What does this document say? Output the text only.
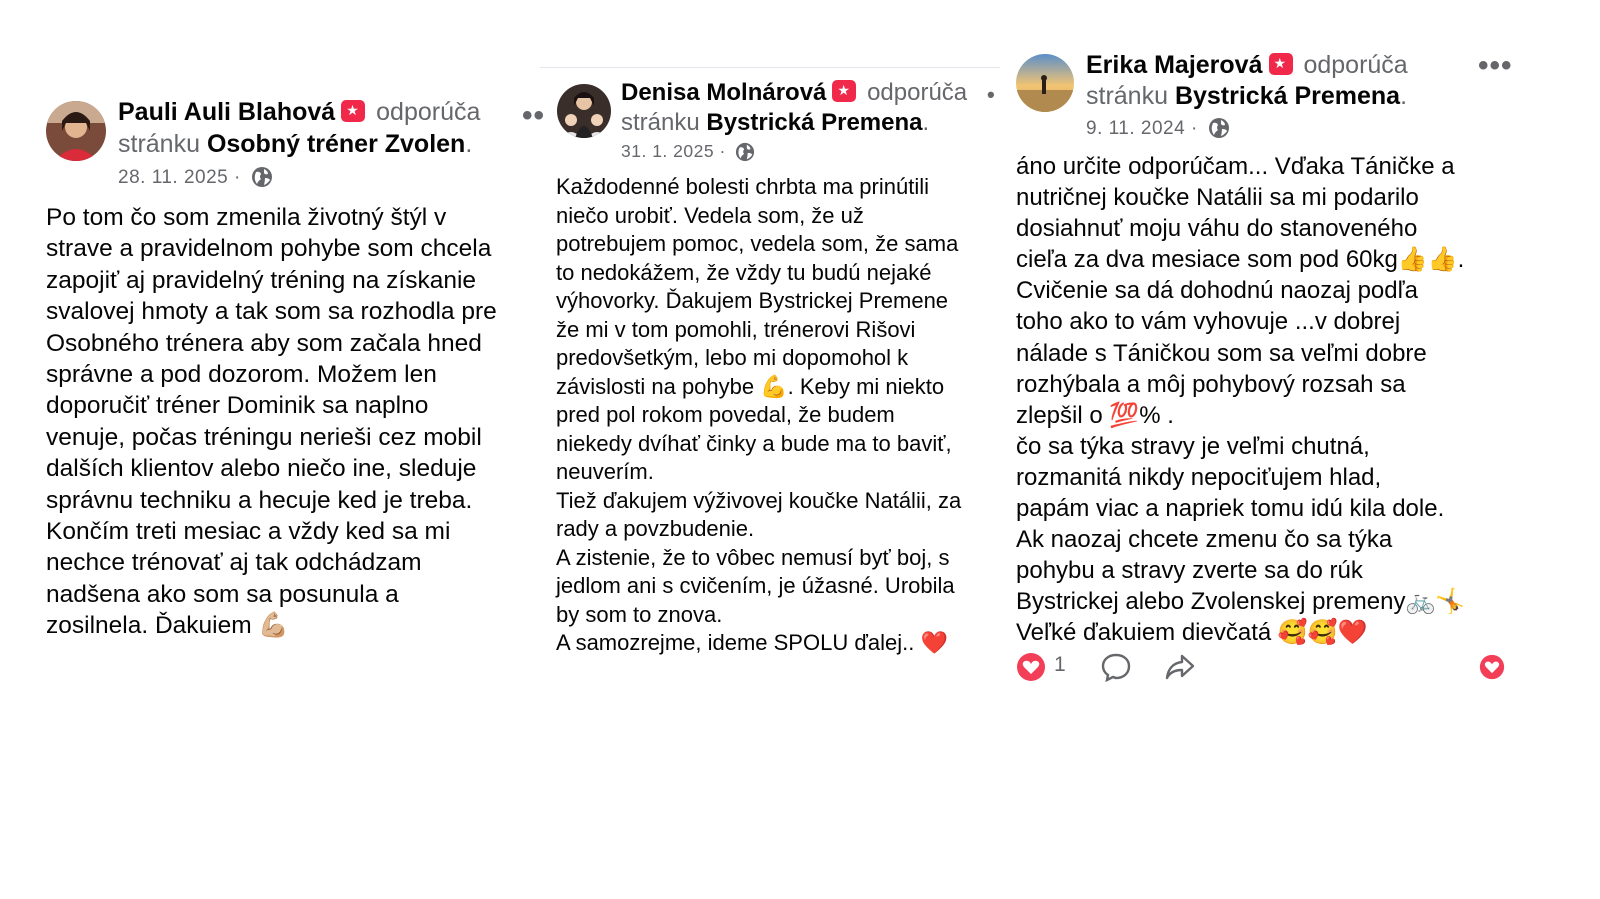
Pauli Auli Blahová ★ odporúča ••
stránku Osobný tréner Zvolen.
28. 11. 2025 ·
Po tom čo som zmenila životný štýl v
strave a pravidelnom pohybe som chcela
zapojiť aj pravidelný tréning na získanie
svalovej hmoty a tak som sa rozhodla pre
Osobného trénera aby som začala hned
správne a pod dozorom. Možem len
doporučiť tréner Dominik sa naplno
venuje, počas tréningu nerieši cez mobil
dalších klientov alebo niečo ine, sleduje
správnu techniku a hecuje ked je treba.
Končím treti mesiac a vždy ked sa mi
nechce trénovať aj tak odchádzam
nadšena ako som sa posunula a
zosilnela. Ďakuiem 💪🏼
Denisa Molnárová ★ odporúča •
stránku Bystrická Premena.
31. 1. 2025 ·
Každodenné bolesti chrbta ma prinútili
niečo urobiť. Vedela som, že už
potrebujem pomoc, vedela som, že sama
to nedokážem, že vždy tu budú nejaké
výhovorky. Ďakujem Bystrickej Premene
že mi v tom pomohli, trénerovi Rišovi
predovšetkým, lebo mi dopomohol k
závislosti na pohybe 💪. Keby mi niekto
pred pol rokom povedal, že budem
niekedy dvíhať činky a bude ma to baviť,
neuverím.
Tiež ďakujem výživovej koučke Natálii, za
rady a povzbudenie.
A zistenie, že to vôbec nemusí byť boj, s
jedlom ani s cvičením, je úžasné. Urobila
by som to znova.
A samozrejme, ideme SPOLU ďalej.. ❤️
Erika Majerová ★ odporúča •••
stránku Bystrická Premena.
9. 11. 2024 ·
áno určite odporúčam... Vďaka Táničke a
nutričnej koučke Natálii sa mi podarilo
dosiahnuť moju váhu do stanoveného
cieľa za dva mesiace som pod 60kg👍👍.
Cvičenie sa dá dohodnú naozaj podľa
toho ako to vám vyhovuje ...v dobrej
nálade s Táničkou som sa veľmi dobre
rozhýbala a môj pohybový rozsah sa
zlepšil o 💯% .
čo sa týka stravy je veľmi chutná,
rozmanitá nikdy nepociťujem hlad,
papám viac a napriek tomu idú kila dole.
Ak naozaj chcete zmenu čo sa týka
pohybu a stravy zverte sa do rúk
Bystrickej alebo Zvolenskej premeny🚲🤸
Veľké ďakuiem dievčatá 🥰🥰❤️
1
